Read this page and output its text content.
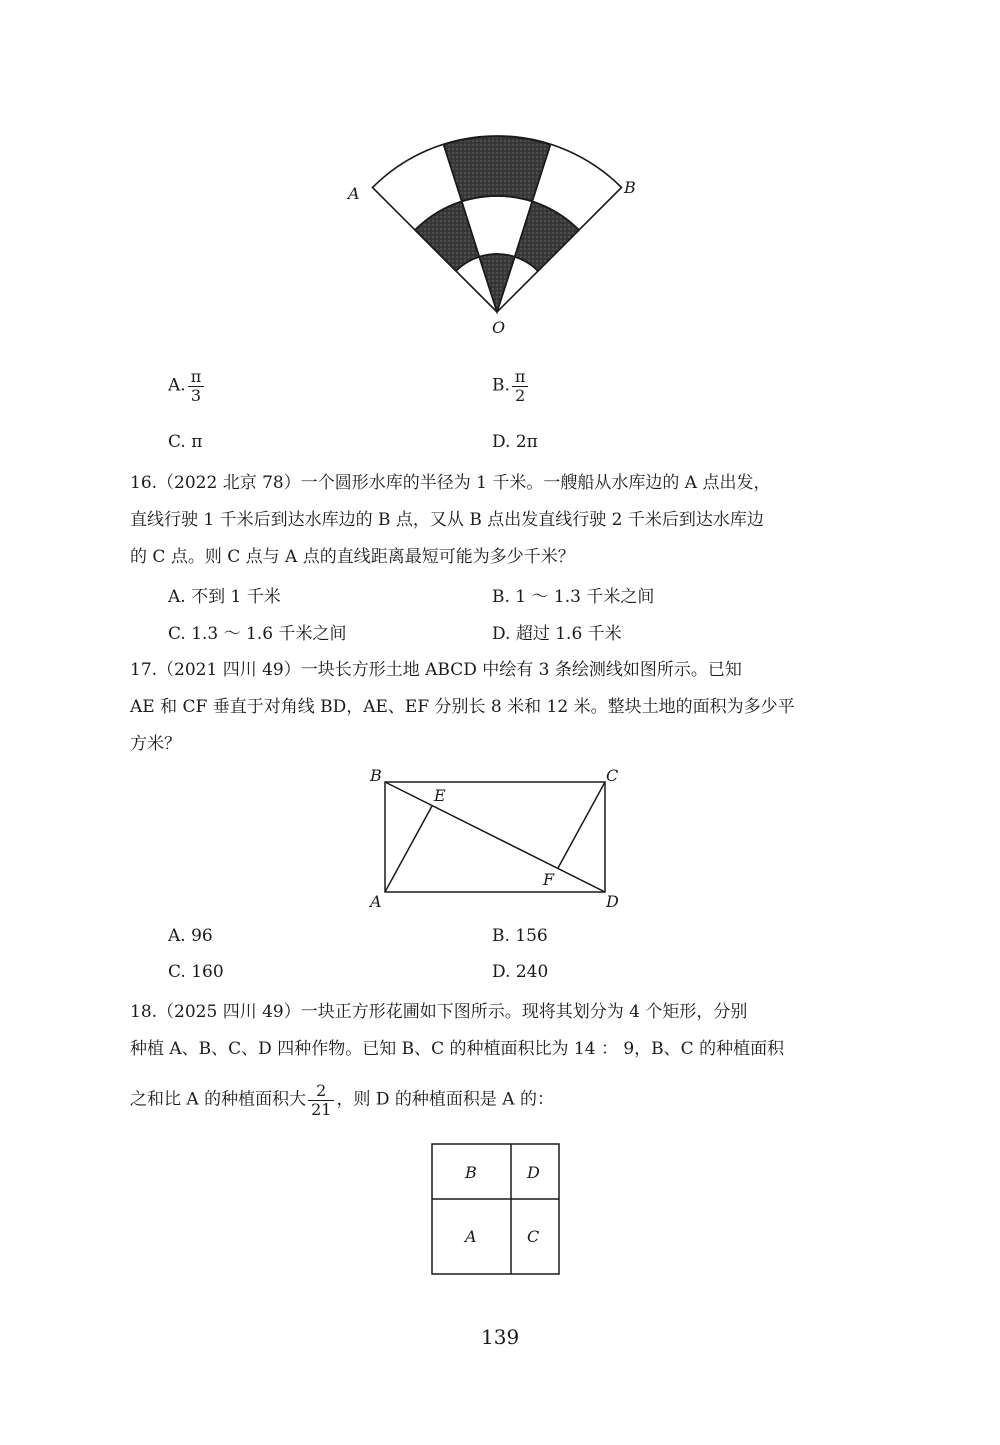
A	B
O
A. $\frac{\pi}{3}$	B. $\frac{\pi}{2}$
C. π	D. 2π
16.（2022 北京 78）一个圆形水库的半径为 1 千米。一艘船从水库边的 A 点出发，
直线行驶 1 千米后到达水库边的 B 点，又从 B 点出发直线行驶 2 千米后到达水库边
的 C 点。则 C 点与 A 点的直线距离最短可能为多少千米？
A. 不到 1 千米	B. 1 ～ 1.3 千米之间
C. 1.3 ～ 1.6 千米之间	D. 超过 1.6 千米
17.（2021 四川 49）一块长方形土地 ABCD 中绘有 3 条绘测线如图所示。已知
AE 和 CF 垂直于对角线 BD，AE、EF 分别长 8 米和 12 米。整块土地的面积为多少平
方米？
B	C
A	D
E
F
A. 96	B. 156
C. 160	D. 240
18.（2025 四川 49）一块正方形花圃如下图所示。现将其划分为 4 个矩形，分别
种植 A、B、C、D 四种作物。已知 B、C 的种植面积比为 14 ： 9，B、C 的种植面积
之和比 A 的种植面积大 $\frac{2}{21}$ ，则 D 的种植面积是 A 的：
B	D
A	C
139
